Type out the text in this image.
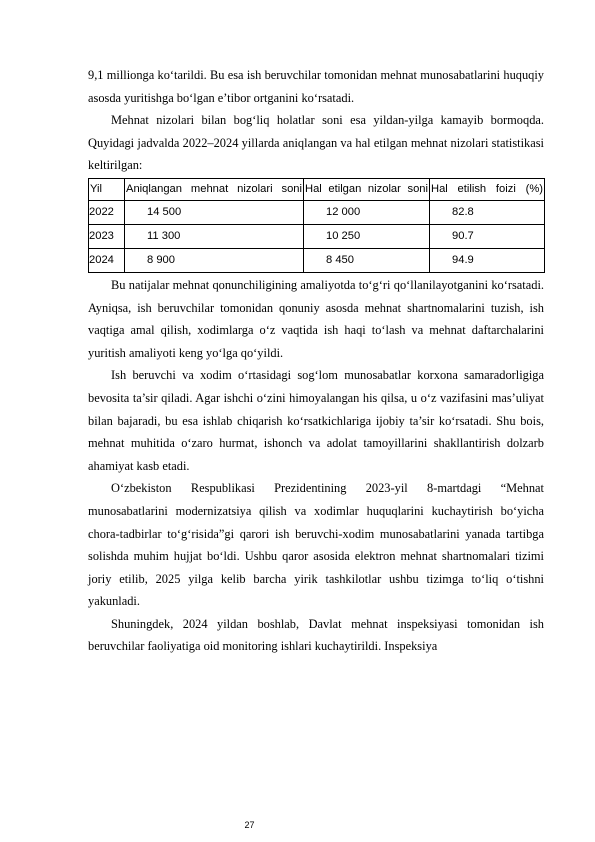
9,1 millionga ko‘tarildi. Bu esa ish beruvchilar tomonidan mehnat munosabatlarini huquqiy asosda yuritishga bo‘lgan e’tibor ortganini ko‘rsatadi.

Mehnat nizolari bilan bog‘liq holatlar soni esa yildan-yilga kamayib bormoqda. Quyidagi jadvalda 2022–2024 yillarda aniqlangan va hal etilgan mehnat nizolari statistikasi keltirilgan:

Yil	Aniqlangan mehnat nizolari soni	Hal etilgan nizolar soni	Hal etilish foizi (%)
2022	14 500	12 000	82.8
2023	11 300	10 250	90.7
2024	8 900	8 450	94.9

Bu natijalar mehnat qonunchiligining amaliyotda to‘g‘ri qo‘llanilayotganini ko‘rsatadi. Ayniqsa, ish beruvchilar tomonidan qonuniy asosda mehnat shartnomalarini tuzish, ish vaqtiga amal qilish, xodimlarga o‘z vaqtida ish haqi to‘lash va mehnat daftarchalarini yuritish amaliyoti keng yo‘lga qo‘yildi.

Ish beruvchi va xodim o‘rtasidagi sog‘lom munosabatlar korxona samaradorligiga bevosita ta’sir qiladi. Agar ishchi o‘zini himoyalangan his qilsa, u o‘z vazifasini mas’uliyat bilan bajaradi, bu esa ishlab chiqarish ko‘rsatkichlariga ijobiy ta’sir ko‘rsatadi. Shu bois, mehnat muhitida o‘zaro hurmat, ishonch va adolat tamoyillarini shakllantirish dolzarb ahamiyat kasb etadi.

O‘zbekiston Respublikasi Prezidentining 2023-yil 8-martdagi “Mehnat munosabatlarini modernizatsiya qilish va xodimlar huquqlarini kuchaytirish bo‘yicha chora-tadbirlar to‘g‘risida”gi qarori ish beruvchi-xodim munosabatlarini yanada tartibga solishda muhim hujjat bo‘ldi. Ushbu qaror asosida elektron mehnat shartnomalari tizimi joriy etilib, 2025 yilga kelib barcha yirik tashkilotlar ushbu tizimga to‘liq o‘tishni yakunladi.

Shuningdek, 2024 yildan boshlab, Davlat mehnat inspeksiyasi tomonidan ish beruvchilar faoliyatiga oid monitoring ishlari kuchaytirildi. Inspeksiya

27
